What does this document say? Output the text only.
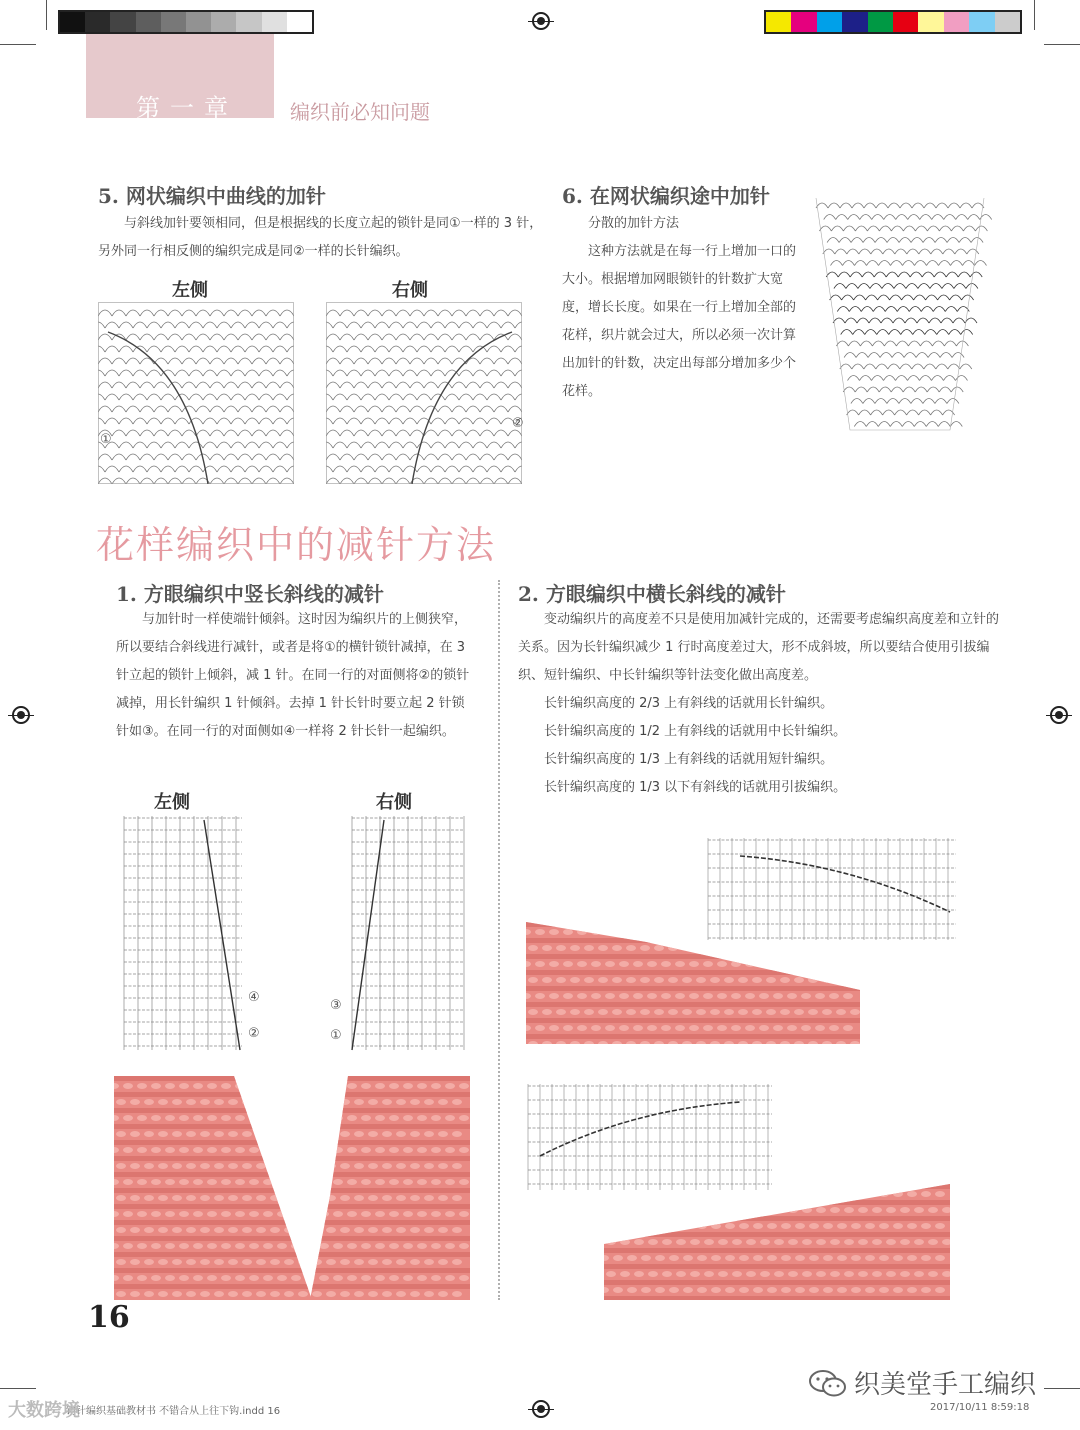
第一章	编织前必知问题
5. 网状编织中曲线的加针

与斜线加针要领相同，但是根据线的长度立起的锁针是同①一样的 3 针，另外同一行相反侧的编织完成是同②一样的长针编织。

左侧	右侧
①
②
6. 在网状编织途中加针

分散的加针方法

这种方法就是在每一行上增加一口的大小。根据增加网眼锁针的针数扩大宽度，增长长度。如果在一行上增加全部的花样，织片就会过大，所以必须一次计算出加针的针数，决定出每部分增加多少个花样。

花样编织中的减针方法
1. 方眼编织中竖长斜线的减针

与加针时一样使端针倾斜。这时因为编织片的上侧狭窄，所以要结合斜线进行减针，或者是将①的横针锁针减掉，在 3 针立起的锁针上倾斜，减 1 针。在同一行的对面侧将②的锁针减掉，用长针编织 1 针倾斜。去掉 1 针长针时要立起 2 针锁针如③。在同一行的对面侧如④一样将 2 针长针一起编织。

左侧	右侧
④
②
③
①
2. 方眼编织中横长斜线的减针

变动编织片的高度差不只是使用加减针完成的，还需要考虑编织高度差和立针的关系。因为长针编织减少 1 行时高度差过大，形不成斜坡，所以要结合使用引拔编织、短针编织、中长针编织等针法变化做出高度差。

长针编织高度的 2/3 上有斜线的话就用长针编织。

长针编织高度的 1/2 上有斜线的话就用中长针编织。

长针编织高度的 1/3 上有斜线的话就用短针编织。

长针编织高度的 1/3 以下有斜线的话就用引拔编织。

16
织美堂手工编织
钩针编织基础教材书 不错合从上往下钩.indd 16	2017/10/11 8:59:18
大数跨境
